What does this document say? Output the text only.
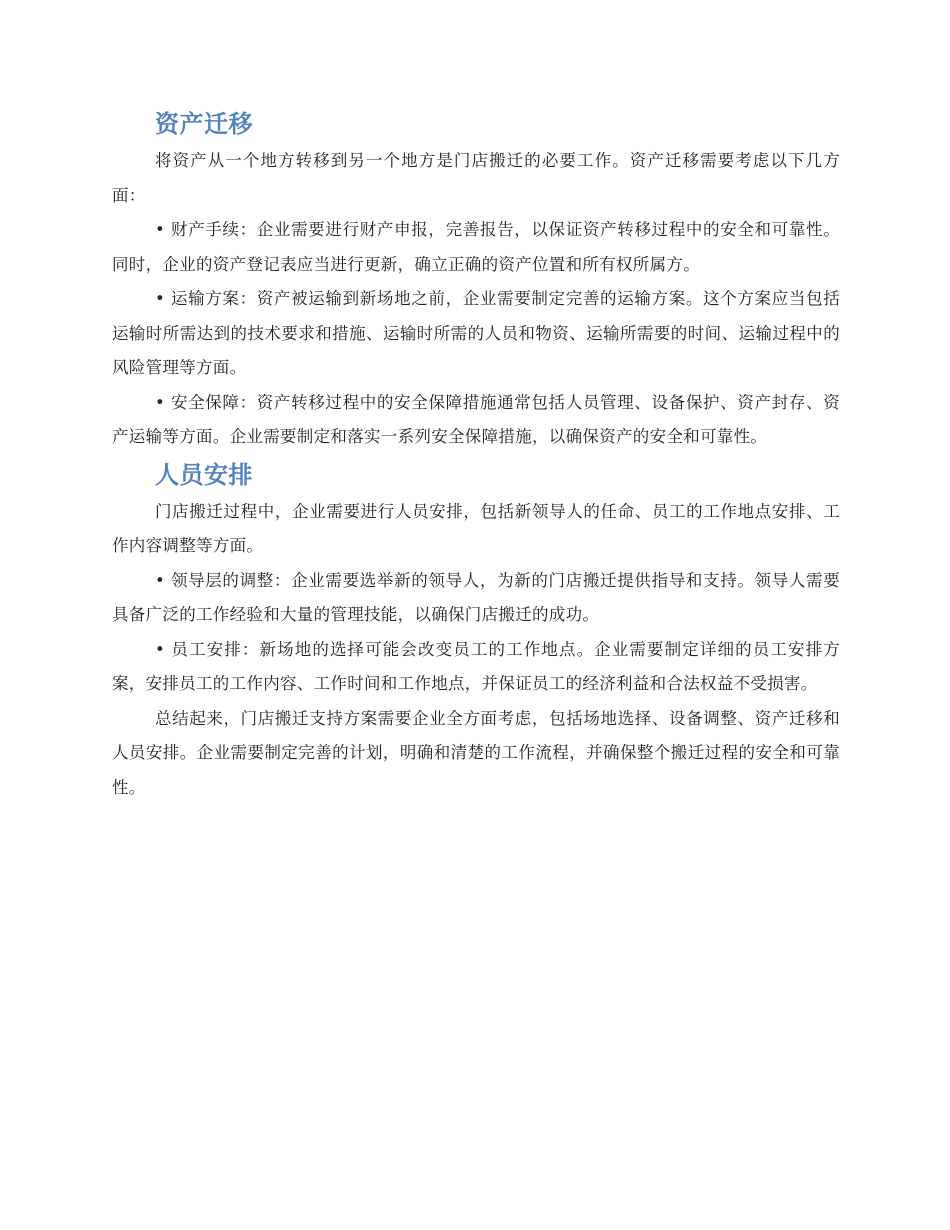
资产迁移

将资产从一个地方转移到另一个地方是门店搬迁的必要工作。资产迁移需要考虑以下几方面：

• 财产手续：企业需要进行财产申报，完善报告，以保证资产转移过程中的安全和可靠性。同时，企业的资产登记表应当进行更新，确立正确的资产位置和所有权所属方。

• 运输方案：资产被运输到新场地之前，企业需要制定完善的运输方案。这个方案应当包括运输时所需达到的技术要求和措施、运输时所需的人员和物资、运输所需要的时间、运输过程中的风险管理等方面。

• 安全保障：资产转移过程中的安全保障措施通常包括人员管理、设备保护、资产封存、资产运输等方面。企业需要制定和落实一系列安全保障措施，以确保资产的安全和可靠性。

人员安排

门店搬迁过程中，企业需要进行人员安排，包括新领导人的任命、员工的工作地点安排、工作内容调整等方面。

• 领导层的调整：企业需要选举新的领导人，为新的门店搬迁提供指导和支持。领导人需要具备广泛的工作经验和大量的管理技能，以确保门店搬迁的成功。

• 员工安排：新场地的选择可能会改变员工的工作地点。企业需要制定详细的员工安排方案，安排员工的工作内容、工作时间和工作地点，并保证员工的经济利益和合法权益不受损害。

总结起来，门店搬迁支持方案需要企业全方面考虑，包括场地选择、设备调整、资产迁移和人员安排。企业需要制定完善的计划，明确和清楚的工作流程，并确保整个搬迁过程的安全和可靠性。
